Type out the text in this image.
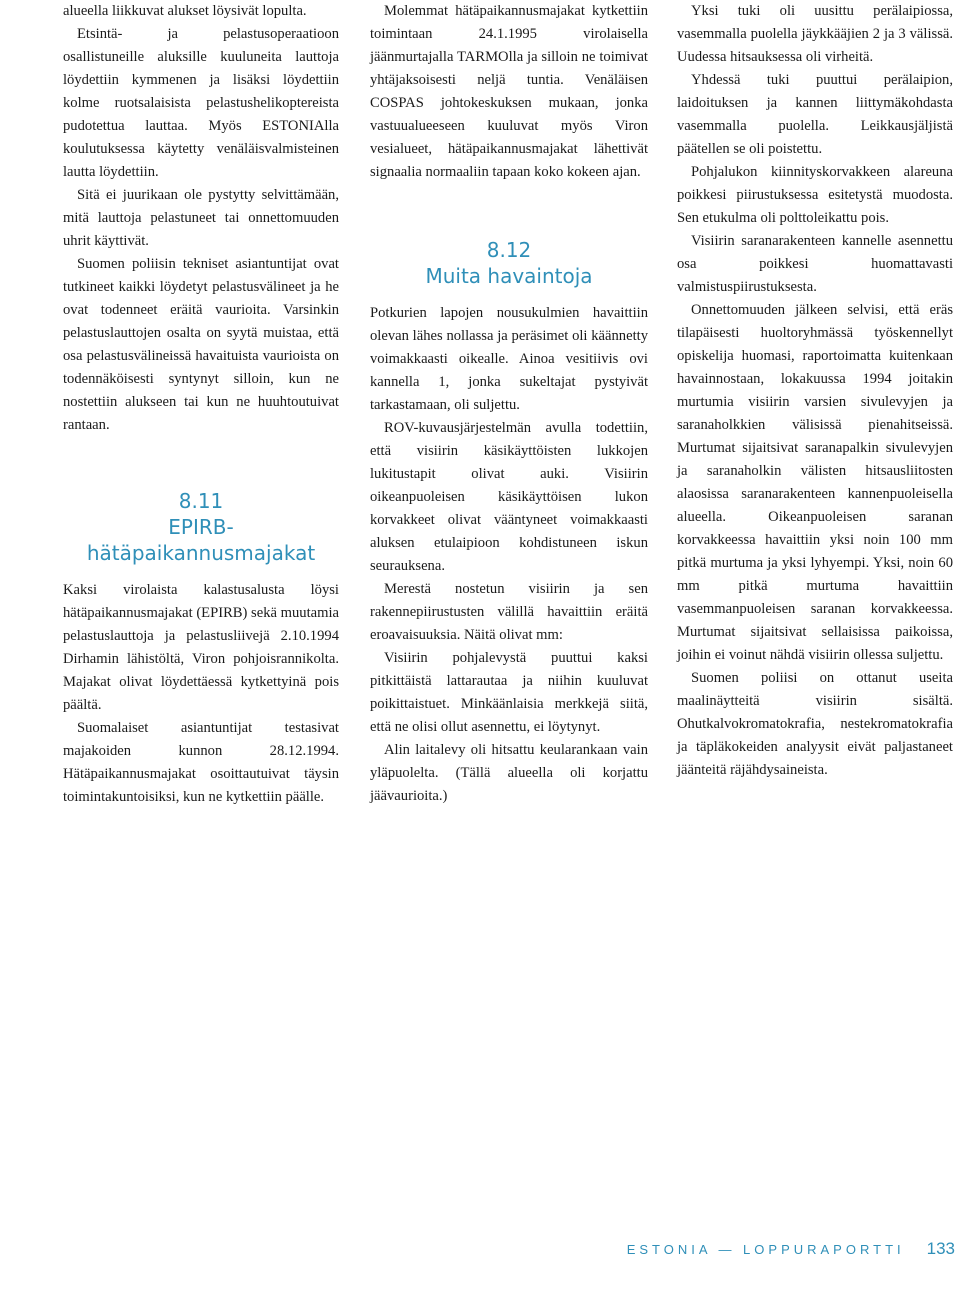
alueella liikkuvat alukset löysivät lopulta.

Etsintä- ja pelastusoperaatioon osallistuneille aluksille kuuluneita lauttoja löydettiin kymmenen ja lisäksi löydettiin kolme ruotsalaisista pelastushelikoptereista pudotettua lauttaa. Myös ESTONIAlla koulutuksessa käytetty venäläisvalmisteinen lautta löydettiin.

Sitä ei juurikaan ole pystytty selvittämään, mitä lauttoja pelastuneet tai onnettomuuden uhrit käyttivät.

Suomen poliisin tekniset asiantuntijat ovat tutkineet kaikki löydetyt pelastusvälineet ja he ovat todenneet eräitä vaurioita. Varsinkin pelastuslauttojen osalta on syytä muistaa, että osa pelastusvälineissä havaituista vaurioista on todennäköisesti syntynyt silloin, kun ne nostettiin alukseen tai kun ne huuhtoutuivat rantaan.

8.11
EPIRB-
hätäpaikannusmajakat

Kaksi virolaista kalastusalusta löysi hätäpaikannusmajakat (EPIRB) sekä muutamia pelastuslauttoja ja pelastusliivejä 2.10.1994 Dirhamin lähistöltä, Viron pohjoisrannikolta. Majakat olivat löydettäessä kytkettyinä pois päältä.

Suomalaiset asiantuntijat testasivat majakoiden kunnon 28.12.1994. Hätäpaikannusmajakat osoittautuivat täysin toimintakuntoisiksi, kun ne kytkettiin päälle.

Molemmat hätäpaikannusmajakat kytkettiin toimintaan 24.1.1995 virolaisella jäänmurtajalla TARMOlla ja silloin ne toimivat yhtäjaksoisesti neljä tuntia. Venäläisen COSPAS johtokeskuksen mukaan, jonka vastuualueeseen kuuluvat myös Viron vesialueet, hätäpaikannusmajakat lähettivät signaalia normaaliin tapaan koko kokeen ajan.

8.12
Muita havaintoja

Potkurien lapojen nousukulmien havaittiin olevan lähes nollassa ja peräsimet oli käännetty voimakkaasti oikealle. Ainoa vesitiivis ovi kannella 1, jonka sukeltajat pystyivät tarkastamaan, oli suljettu.

ROV-kuvausjärjestelmän avulla todettiin, että visiirin käsikäyttöisten lukkojen lukitustapit olivat auki. Visiirin oikeanpuoleisen käsikäyttöisen lukon korvakkeet olivat vääntyneet voimakkaasti aluksen etulaipioon kohdistuneen iskun seurauksena.

Merestä nostetun visiirin ja sen rakennepiirustusten välillä havaittiin eräitä eroavaisuuksia. Näitä olivat mm:

Visiirin pohjalevystä puuttui kaksi pitkittäistä lattarautaa ja niihin kuuluvat poikittaistuet. Minkäänlaisia merkkejä siitä, että ne olisi ollut asennettu, ei löytynyt.

Alin laitalevy oli hitsattu keularankaan vain yläpuolelta. (Tällä alueella oli korjattu jäävaurioita.)

Yksi tuki oli uusittu perälaipiossa, vasemmalla puolella jäykkääjien 2 ja 3 välissä. Uudessa hitsauksessa oli virheitä.

Yhdessä tuki puuttui perälaipion, laidoituksen ja kannen liittymäkohdasta vasemmalla puolella. Leikkausjäljistä päätellen se oli poistettu.

Pohjalukon kiinnityskorvakkeen alareuna poikkesi piirustuksessa esitetystä muodosta. Sen etukulma oli polttoleikattu pois.

Visiirin saranarakenteen kannelle asennettu osa poikkesi huomattavasti valmistuspiirustuksesta.

Onnettomuuden jälkeen selvisi, että eräs tilapäisesti huoltoryhmässä työskennellyt opiskelija huomasi, raportoimatta kuitenkaan havainnostaan, lokakuussa 1994 joitakin murtumia visiirin varsien sivulevyjen ja saranaholkkien välisissä pienahitseissä. Murtumat sijaitsivat saranapalkin sivulevyjen ja saranaholkin välisten hitsausliitosten alaosissa saranarakenteen kannenpuoleisella alueella. Oikeanpuoleisen saranan korvakkeessa havaittiin yksi noin 100 mm pitkä murtuma ja yksi lyhyempi. Yksi, noin 60 mm pitkä murtuma havaittiin vasemmanpuoleisen saranan korvakkeessa. Murtumat sijaitsivat sellaisissa paikoissa, joihin ei voinut nähdä visiirin ollessa suljettu.

Suomen poliisi on ottanut useita maalinäytteitä visiirin sisältä. Ohutkalvokromatokrafia, nestekromatokrafia ja täpläkokeiden analyysit eivät paljastaneet jäänteitä räjähdysaineista.

ESTONIA — LOPPURAPORTTI 133
